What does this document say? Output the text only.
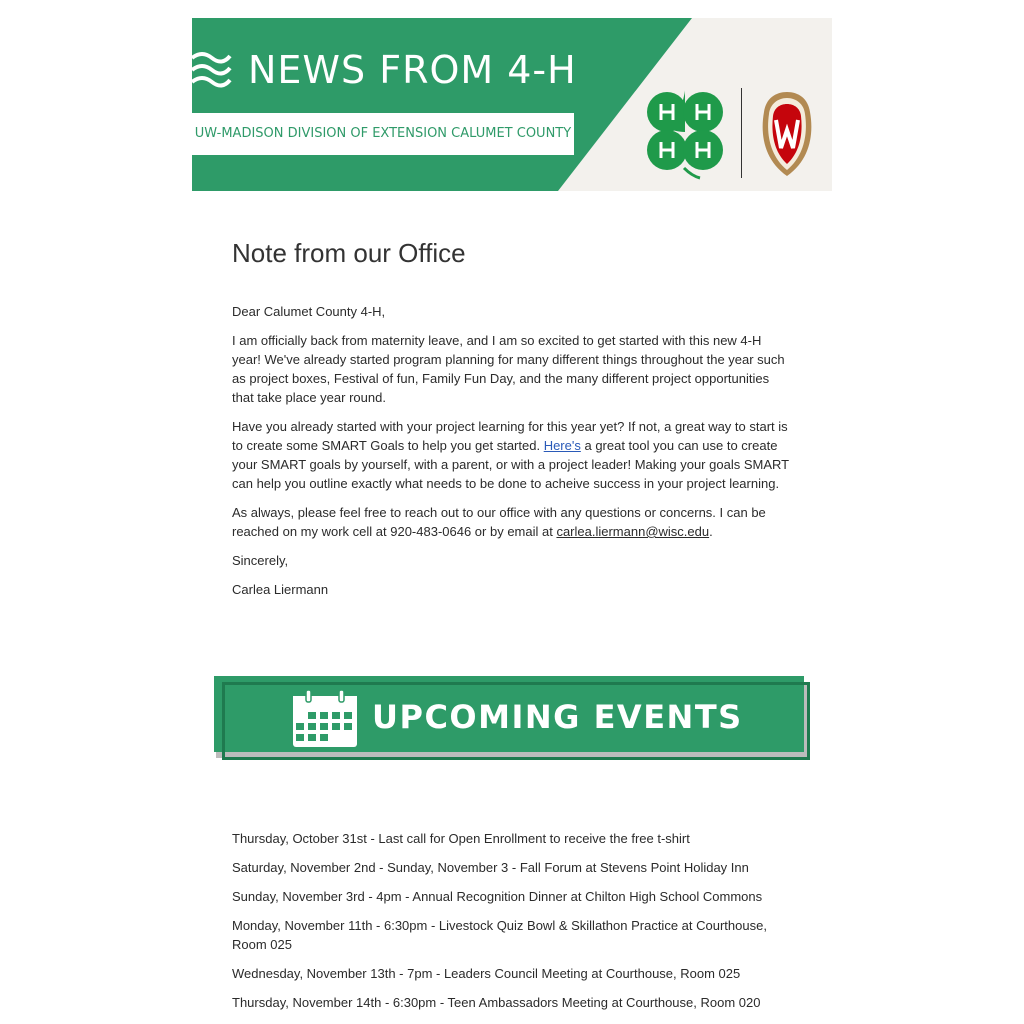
NEWS FROM 4-H
UW-MADISON DIVISION OF EXTENSION CALUMET COUNTY
Note from our Office

Dear Calumet County 4-H,

I am officially back from maternity leave, and I am so excited to get started with this new 4-H year! We've already started program planning for many different things throughout the year such as project boxes, Festival of fun, Family Fun Day, and the many different project opportunities that take place year round.

Have you already started with your project learning for this year yet? If not, a great way to start is to create some SMART Goals to help you get started. Here's a great tool you can use to create your SMART goals by yourself, with a parent, or with a project leader! Making your goals SMART can help you outline exactly what needs to be done to acheive success in your project learning.

As always, please feel free to reach out to our office with any questions or concerns. I can be reached on my work cell at 920-483-0646 or by email at carlea.liermann@wisc.edu.

Sincerely,

Carlea Liermann

UPCOMING EVENTS

Thursday, October 31st - Last call for Open Enrollment to receive the free t-shirt

Saturday, November 2nd - Sunday, November 3 - Fall Forum at Stevens Point Holiday Inn

Sunday, November 3rd - 4pm - Annual Recognition Dinner at Chilton High School Commons

Monday, November 11th - 6:30pm - Livestock Quiz Bowl & Skillathon Practice at Courthouse, Room 025

Wednesday, November 13th - 7pm - Leaders Council Meeting at Courthouse, Room 025

Thursday, November 14th - 6:30pm - Teen Ambassadors Meeting at Courthouse, Room 020
